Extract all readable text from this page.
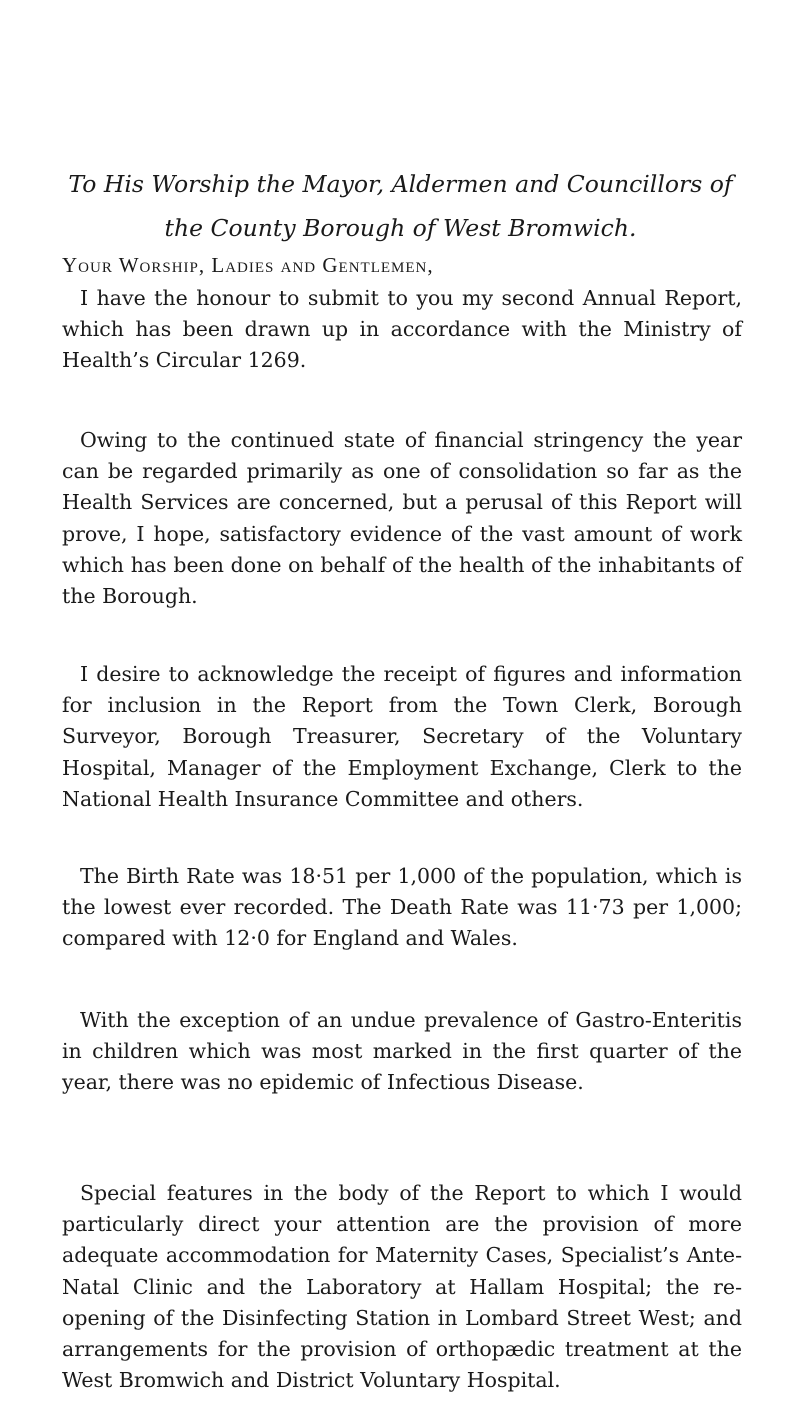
To His Worship the Mayor, Aldermen and Councillors of
the County Borough of West Bromwich.
Your Worship, Ladies and Gentlemen,

I have the honour to submit to you my second Annual Report, which has been drawn up in accordance with the Ministry of Health’s Circular 1269.

Owing to the continued state of financial stringency the year can be regarded primarily as one of consolidation so far as the Health Services are concerned, but a perusal of this Report will prove, I hope, satisfactory evidence of the vast amount of work which has been done on behalf of the health of the inhabitants of the Borough.

I desire to acknowledge the receipt of figures and information for inclusion in the Report from the Town Clerk, Borough Surveyor, Borough Treasurer, Secretary of the Voluntary Hospital, Manager of the Employment Exchange, Clerk to the National Health Insurance Committee and others.

The Birth Rate was 18·51 per 1,000 of the population, which is the lowest ever recorded. The Death Rate was 11·73 per 1,000; compared with 12·0 for England and Wales.

With the exception of an undue prevalence of Gastro-Enteritis in children which was most marked in the first quarter of the year, there was no epidemic of Infectious Disease.

Special features in the body of the Report to which I would particularly direct your attention are the provision of more adequate accommodation for Maternity Cases, Specialist’s Ante-Natal Clinic and the Laboratory at Hallam Hospital; the re-opening of the Disinfecting Station in Lombard Street West; and arrangements for the provision of orthopædic treatment at the West Bromwich and District Voluntary Hospital.
